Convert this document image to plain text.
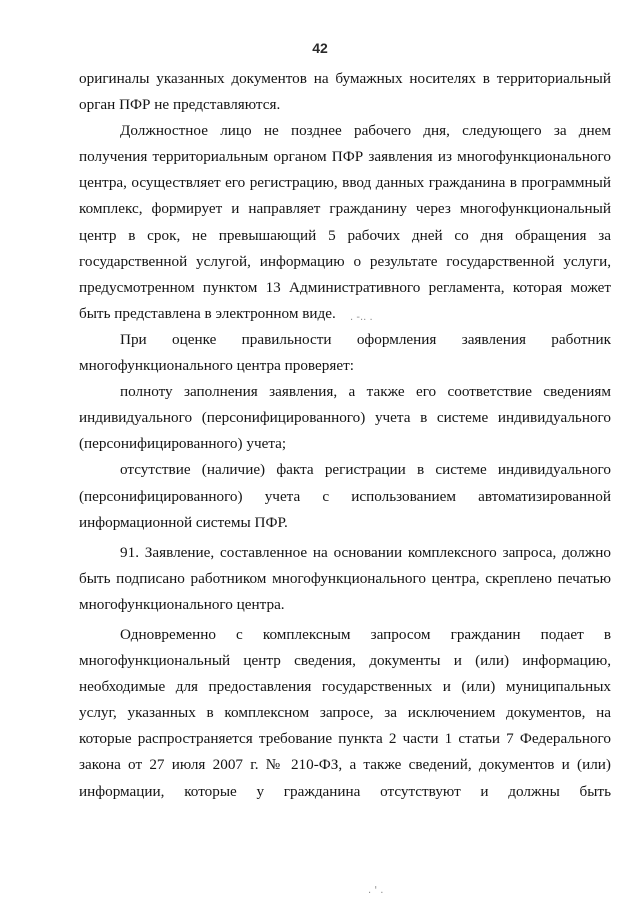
42

оригиналы указанных документов на бумажных носителях в территориальный орган ПФР не представляются.

Должностное лицо не позднее рабочего дня, следующего за днем получения территориальным органом ПФР заявления из многофункционального центра, осуществляет его регистрацию, ввод данных гражданина в программный комплекс, формирует и направляет гражданину через многофункциональный центр в срок, не превышающий 5 рабочих дней со дня обращения за государственной услугой, информацию о результате государственной услуги, предусмотренном пунктом 13 Административного регламента, которая может быть представлена в электронном виде.

При оценке правильности оформления заявления работник многофункционального центра проверяет:

полноту заполнения заявления, а также его соответствие сведениям индивидуального (персонифицированного) учета в системе индивидуального (персонифицированного) учета;

отсутствие (наличие) факта регистрации в системе индивидуального (персонифицированного) учета с использованием автоматизированной информационной системы ПФР.

91. Заявление, составленное на основании комплексного запроса, должно быть подписано работником многофункционального центра, скреплено печатью многофункционального центра.

Одновременно с комплексным запросом гражданин подает в многофункциональный центр сведения, документы и (или) информацию, необходимые для предоставления государственных и (или) муниципальных услуг, указанных в комплексном запросе, за исключением документов, на которые распространяется требование пункта 2 части 1 статьи 7 Федерального закона от 27 июля 2007 г. № 210-ФЗ, а также сведений, документов и (или) информации, которые у гражданина отсутствуют и должны быть

. -.. .
. ' .
